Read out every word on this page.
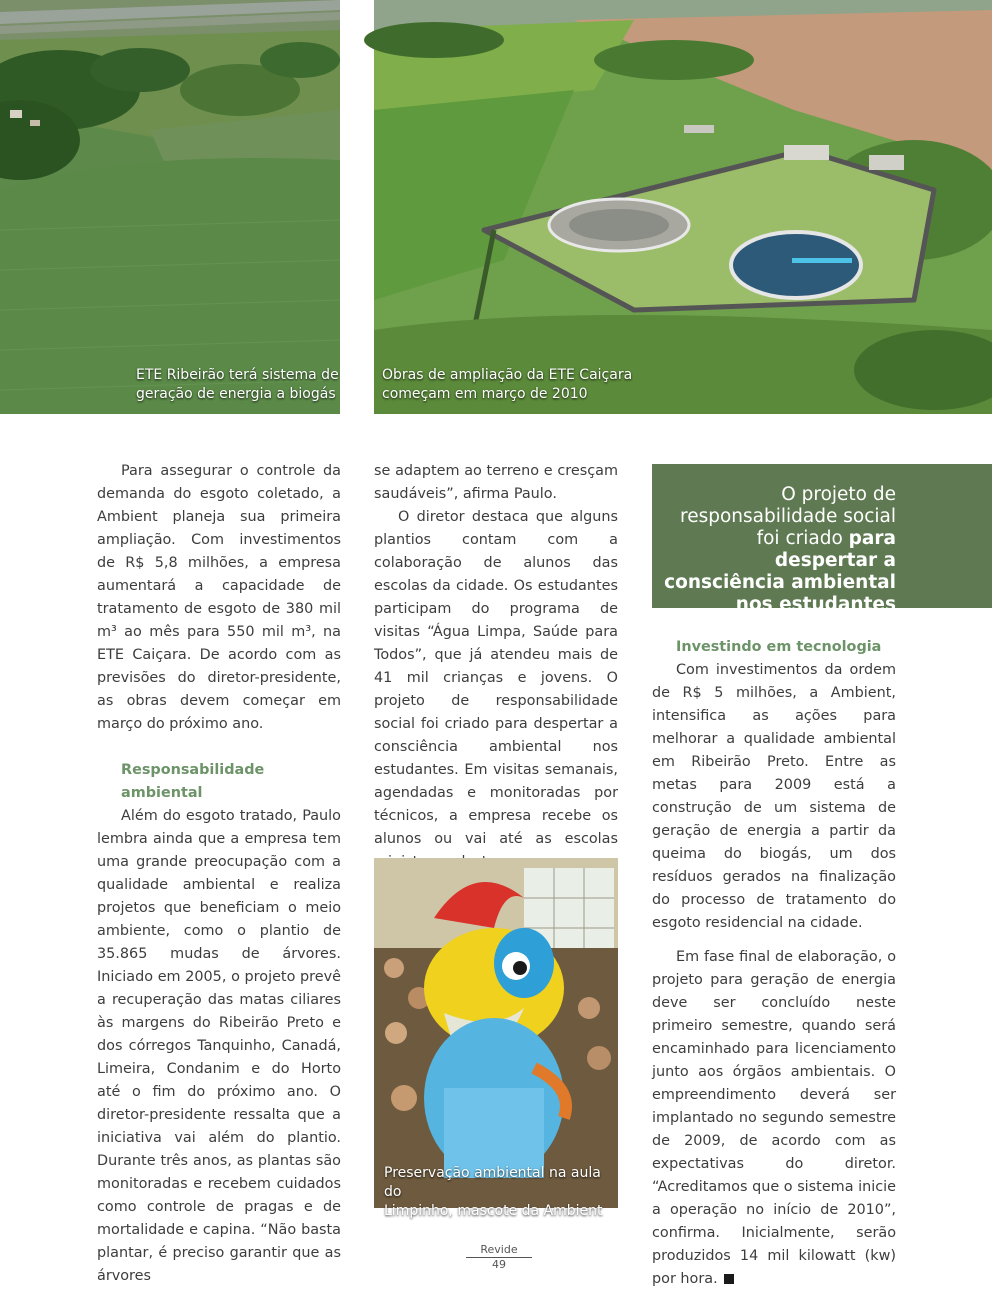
ETE Ribeirão terá sistema de
geração de energia a biogás
Obras de ampliação da ETE Caiçara
começam em março de 2010

Para assegurar o controle da demanda do esgoto coletado, a Ambient planeja sua primeira ampliação. Com investimentos de R$ 5,8 milhões, a empresa aumentará a capacidade de tratamento de esgoto de 380 mil m³ ao mês para 550 mil m³, na ETE Caiçara. De acordo com as previsões do diretor-presidente, as obras devem começar em março do próximo ano.

Responsabilidade ambiental

Além do esgoto tratado, Paulo lembra ainda que a empresa tem uma grande preocupação com a qualidade ambiental e realiza projetos que beneficiam o meio ambiente, como o plantio de 35.865 mudas de árvores. Iniciado em 2005, o projeto prevê a recuperação das matas ciliares às margens do Ribeirão Preto e dos córregos Tanquinho, Canadá, Limeira, Condanim e do Horto até o fim do próximo ano. O diretor-presidente ressalta que a iniciativa vai além do plantio. Durante três anos, as plantas são monitoradas e recebem cuidados como controle de pragas e de mortalidade e capina. “Não basta plantar, é preciso garantir que as árvores

se adaptem ao terreno e cresçam saudáveis”, afirma Paulo.

O diretor destaca que alguns plantios contam com a colaboração de alunos das escolas da cidade. Os estudantes participam do programa de visitas “Água Limpa, Saúde para Todos”, que já atendeu mais de 41 mil crianças e jovens. O projeto de responsabilidade social foi criado para despertar a consciência ambiental nos estudantes. Em visitas semanais, agendadas e monitoradas por técnicos, a empresa recebe os alunos ou vai até as escolas

Preservação ambiental na aula do
Limpinho, mascote da Ambient
O projeto de responsabilidade social foi criado para despertar a consciência ambiental nos estudantes
Investindo em tecnologia

Com investimentos da ordem de R$ 5 milhões, a Ambient, intensifica as ações para melhorar a qualidade ambiental em Ribeirão Preto. Entre as metas para 2009 está a construção de um sistema de geração de energia a partir da queima do biogás, um dos resíduos gerados na finalização do processo de tratamento do esgoto residencial na cidade.

Em fase final de elaboração, o projeto para geração de energia deve ser concluído neste primeiro semestre, quando será encaminhado para licenciamento junto aos órgãos ambientais. O empreendimento deverá ser implantado no segundo semestre de 2009, de acordo com as expectativas do diretor. “Acreditamos que o sistema inicie a operação no início de 2010”, confirma. Inicialmente, serão produzidos 14 mil kilowatt (kw) por hora.

Revide
49
